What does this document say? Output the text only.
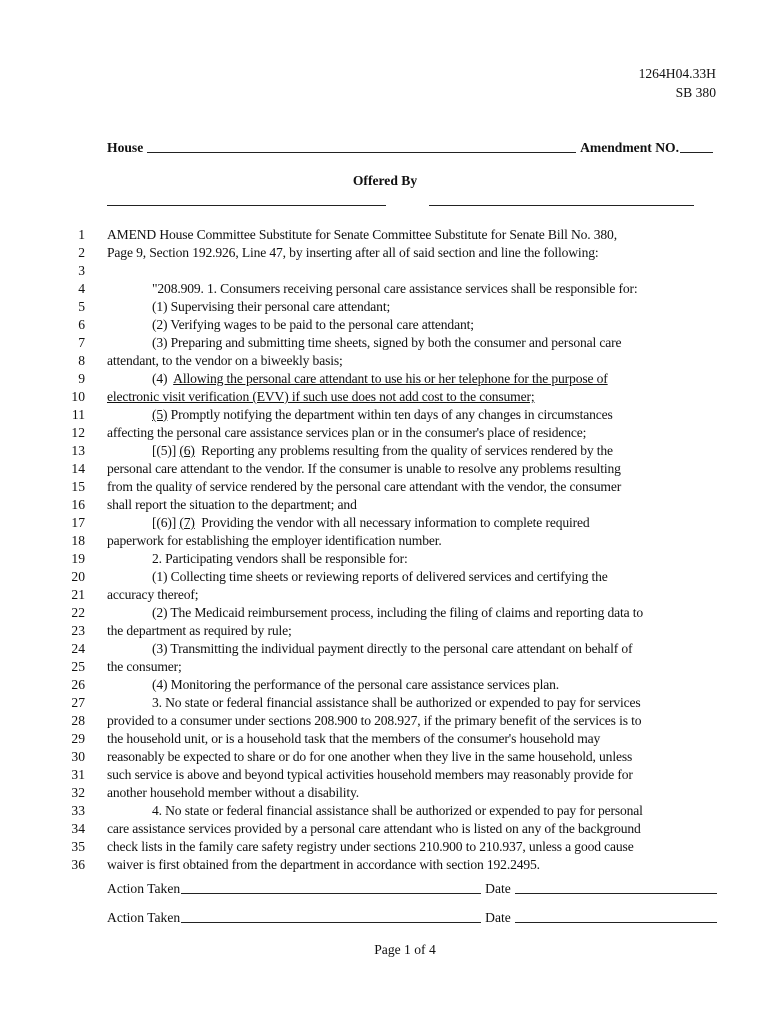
1264H04.33H
SB 380
House	Amendment NO.
Offered By
1 AMEND House Committee Substitute for Senate Committee Substitute for Senate Bill No. 380,
2 Page 9, Section 192.926, Line 47, by inserting after all of said section and line the following:
3
4	"208.909. 1. Consumers receiving personal care assistance services shall be responsible for:
5	(1) Supervising their personal care attendant;
6	(2) Verifying wages to be paid to the personal care attendant;
7	(3) Preparing and submitting time sheets, signed by both the consumer and personal care
8 attendant, to the vendor on a biweekly basis;
9	(4)  Allowing the personal care attendant to use his or her telephone for the purpose of
10 electronic visit verification (EVV) if such use does not add cost to the consumer;
11	(5) Promptly notifying the department within ten days of any changes in circumstances
12 affecting the personal care assistance services plan or in the consumer's place of residence;
13	[(5)] (6)  Reporting any problems resulting from the quality of services rendered by the
14 personal care attendant to the vendor. If the consumer is unable to resolve any problems resulting
15 from the quality of service rendered by the personal care attendant with the vendor, the consumer
16 shall report the situation to the department; and
17	[(6)] (7)  Providing the vendor with all necessary information to complete required
18 paperwork for establishing the employer identification number.
19	2. Participating vendors shall be responsible for:
20	(1) Collecting time sheets or reviewing reports of delivered services and certifying the
21 accuracy thereof;
22	(2) The Medicaid reimbursement process, including the filing of claims and reporting data to
23 the department as required by rule;
24	(3) Transmitting the individual payment directly to the personal care attendant on behalf of
25 the consumer;
26	(4) Monitoring the performance of the personal care assistance services plan.
27	3. No state or federal financial assistance shall be authorized or expended to pay for services
28 provided to a consumer under sections 208.900 to 208.927, if the primary benefit of the services is to
29 the household unit, or is a household task that the members of the consumer's household may
30 reasonably be expected to share or do for one another when they live in the same household, unless
31 such service is above and beyond typical activities household members may reasonably provide for
32 another household member without a disability.
33	4. No state or federal financial assistance shall be authorized or expended to pay for personal
34 care assistance services provided by a personal care attendant who is listed on any of the background
35 check lists in the family care safety registry under sections 210.900 to 210.937, unless a good cause
36 waiver is first obtained from the department in accordance with section 192.2495.
Action Taken	Date
Action Taken	Date
Page 1 of 4
